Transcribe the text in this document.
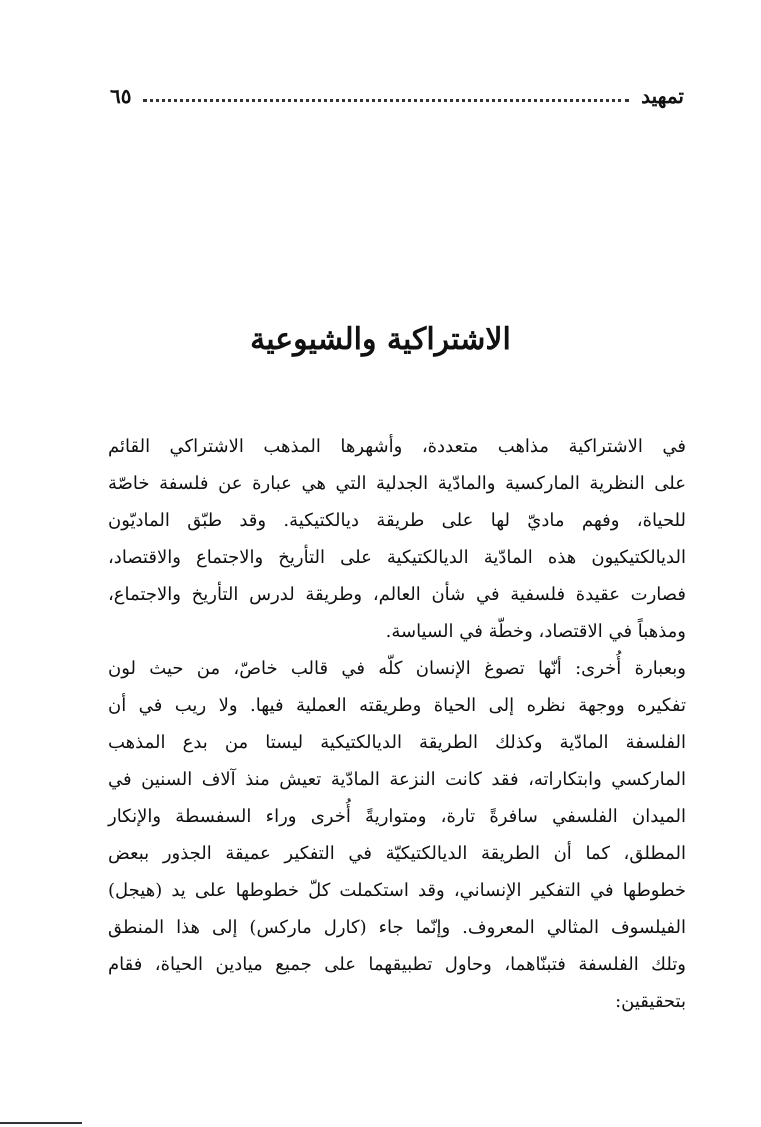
تمهيد
٦٥
الاشتراكية والشيوعية

في الاشتراكية مذاهب متعددة، وأشهرها المذهب الاشتراكي القائم

على النظرية الماركسية والمادّية الجدلية التي هي عبارة عن فلسفة خاصّة

للحياة، وفهم ماديّ لها على طريقة ديالكتيكية. وقد طبّق الماديّون

الديالكتيكيون هذه المادّية الديالكتيكية على التأريخ والاجتماع والاقتصاد،

فصارت عقيدة فلسفية في شأن العالم، وطريقة لدرس التأريخ والاجتماع،

ومذهباً في الاقتصاد، وخطّة في السياسة.

وبعبارة أُخرى: أنّها تصوغ الإنسان كلّه في قالب خاصّ، من حيث لون

تفكيره ووجهة نظره إلى الحياة وطريقته العملية فيها. ولا ريب في أن

الفلسفة المادّية وكذلك الطريقة الديالكتيكية ليستا من بدع المذهب

الماركسي وابتكاراته، فقد كانت النزعة المادّية تعيش منذ آلاف السنين في

الميدان الفلسفي سافرةً تارة، ومتواريةً أُخرى وراء السفسطة والإنكار

المطلق، كما أن الطريقة الديالكتيكيّة في التفكير عميقة الجذور ببعض

خطوطها في التفكير الإنساني، وقد استكملت كلّ خطوطها على يد (هيجل)

الفيلسوف المثالي المعروف. وإنّما جاء (كارل ماركس) إلى هذا المنطق

وتلك الفلسفة فتبنّاهما، وحاول تطبيقهما على جميع ميادين الحياة، فقام

بتحقيقين:
